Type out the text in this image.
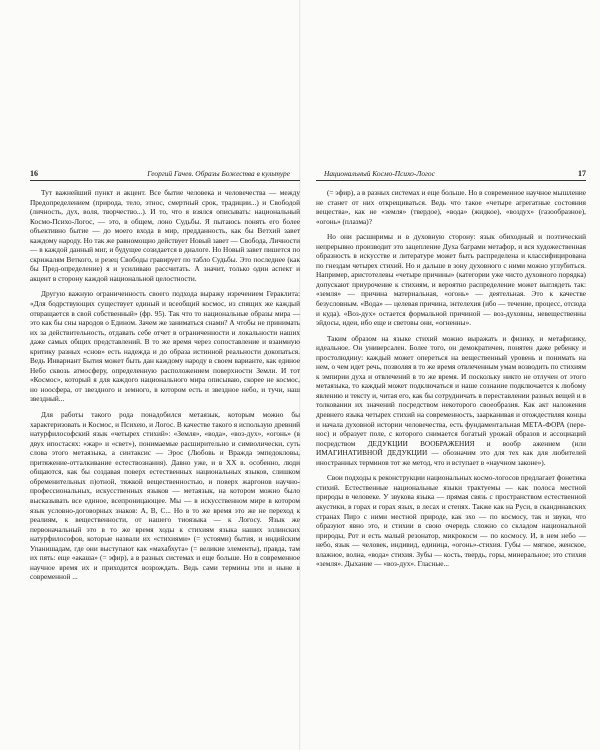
16	Георгий Гачев. Образы Божества в культуре

Тут важнейший пункт и акцент. Все бытие человека и человечества — между Предопределением (природа, тело, этнос, смертный срок, традиции...) и Свободой (личность, дух, воля, творчество...). И то, что я взялся описывать: национальный Космо-Психо-Логос, — это, в общем, лоно Судьбы. Я пытаюсь понять его более объективно бытие — до моего входа в мир, предданность, как бы Ветхий завет каждому народу. Но так же равномощно действует Новый завет — Свобода, Личности — в каждой данный миг, и будущее созидается в диалоге. Но Новый завет пишется по скрижалям Веткого, и резец Свободы гравирует по табло Судьбы. Это последнее (как бы Пред-определение) я и усиливаю рассчитать. А значит, только один аспект и акцент в сторону каждой национальной целостности.

Другую важную ограниченность своего подхода выражу изречением Гераклита: «Для бодрствующих существует единый и всеобщий космос, из спящих же каждый отвращается в свой собственный» (фр. 95). Так что то национальные образы мира — это как бы сны народов о Едином. Зачем же заниматься снами? А чтобы не принимать их за действительность, отдавать себе отчет в ограниченности и локальности наших даже самых общих представлений. В то же время через сопоставление и взаимную критику разных «снов» есть надежда и до образа истинной реальности докопаться. Ведь Инвариант Бытия может быть дан каждому народу в своем варианте, как единое Небо сквозь атмосферу, определенную расположением поверхности Земли. И тот «Космос», который я для каждого национального мира описываю, скорее не космос, но ноосфера, от звездного и земного, в котором есть и звездное небо, и тучи, наш звездный...

Для работы такого рода понадобился метаязык, которым можно бы характеризовать и Космос, и Психею, и Логос. В качестве такого я использую древний натурфилософский язык «четырех стихий»: «Земля», «вода», «воз-дух», «огонь» (в двух ипостасях: «жар» и «свет»), понимаемые расширительно и символически, суть слова этого метаязыка, а синтаксис — Эрос (Любовь и Вражда эмпедокловы, притяжение-отталкивание естествознания). Давно уже, и в XX в. особенно, люди общаются, как бы создавая поверх естественных национальных языков, слишком обременительных п)отной, тяжкой вещественностью, и поверх жаргонов научно-профессиональных, искусственных языков — метаязык, на котором можно было высказывать все единое, всепроницающее. Мы — в искусственном мире в котором язык условно-договорных знаков: А, В, С... Но в то же время это же не переход к реалиям, к вещественности, от нашего тиоязыка — к Логосу. Язык же первоначальный это в то же время ходы к стихиям языка наших эллинских натурфилософов, которые назвали их «стихиями» (= устоями) бытия, и индийским Упанишадам, где они выступают как «махабхута» (= великие элементы), правда, там их пять: еще «акаша» (= эфир), а в разных системах и еще больше. Но в современное научное время их и приходится возрождать. Ведь сами термины эти и ныне в современной ...

Национальный Космо-Психо-Логос	17

(= эфир), а в разных системах и еще больше. Но в современное научное мышление не станет от них открещиваться. Ведь что такое «четыре агрегатные состояния вещества», как не «земля» (твердое), «вода» (жидкое), «воздух» (газообразное), «огонь» (плазма)?

Но они расширимы и в духовную сторону: язык обиходный и поэтический непрерывно производит это зацепление Духа баграми метафор, и вся художественная образность в искусстве и литературе может быть распределена и классифицирована по гнездам четырех стихий. Но и дальше в зону духовного с ними можно углубиться. Например, аристотелевы «четыре причины» (категории уже чисто духовного порядка) допускают приурочение к стихиям, и вероятно распределение может выглядеть так: «земля» — причина материальная, «огонь» — деятельная. Это к качестве безусловным. «Вода» — целевая причина, энтелехия (ибо — течение, процесс, отсюда и куда). «Воз-дух» остается формальной причиной — воз-духовны, невещественны эйдосы, идеи, ибо еще и световы они, «огненны».

Таким образом на языке стихий можно выражать и физику, и метафизику, идеальное. Он универсален. Более того, он демократичен, понятен даже ребенку и простолюдину: каждый может опереться на вещественный уровень и понимать на нем, о чем идет речь, позволяя в то же время отвлеченным умам возводить по стихиям к эмпирии духа и отвлечений в то же время. И поскольку никто не отлучен от этого метаязыка, то каждый может подключаться и наше сознание подключается к любому явлению и тексту и, читая его, как бы сотрудничать в переставлении разных вещей и в толковании их значений посредством некоторого своеобразия. Как акт наложения древнего языка четырех стихий на современность, заарканивая и отождествляя концы и начала духовной истории человечества, есть фундаментальная МЕТА-ФОРА (пере-нос) и образует поле, с которого снимается богатый урожай образов и ассоциаций посредством ДЕДУКЦИИ ВООБРАЖЕНИЯ и вообр ажением (или ИМАГИНАТИВНОЙ ДЕДУКЦИИ — обозначим это для тех как для любителей иностранных терминов тот же метод, что и вступает в «научном законе»).

Свои подходы к реконструкции национальных космо-логосов предлагает фонетика стихий. Естественные национальные языки трактуемы — как полоса местной природы в человеке. У звукова языка — прямая связь с пространством естественной акустики, в горах и горах язых, в лесах и степях. Также как на Руси, в скандинавских странах Пирэ с ними местной природе, как эхо — по космосу, так и звуки, что образуют явно это, и стихии в свою очередь сложно со складом национальной природы, Рот и есть малый резонатор, микрокосм — по космосу. И, в нем небо — небо, язык — человек, индивид, единица, «огонь»-стихия. Губы — мягкое, женское, влажное, волна, «вода» стихия. Зубы — кость, твердь, горы, минеральное; это стихия «земля». Дыхание — «воз-дух». Гласные...
